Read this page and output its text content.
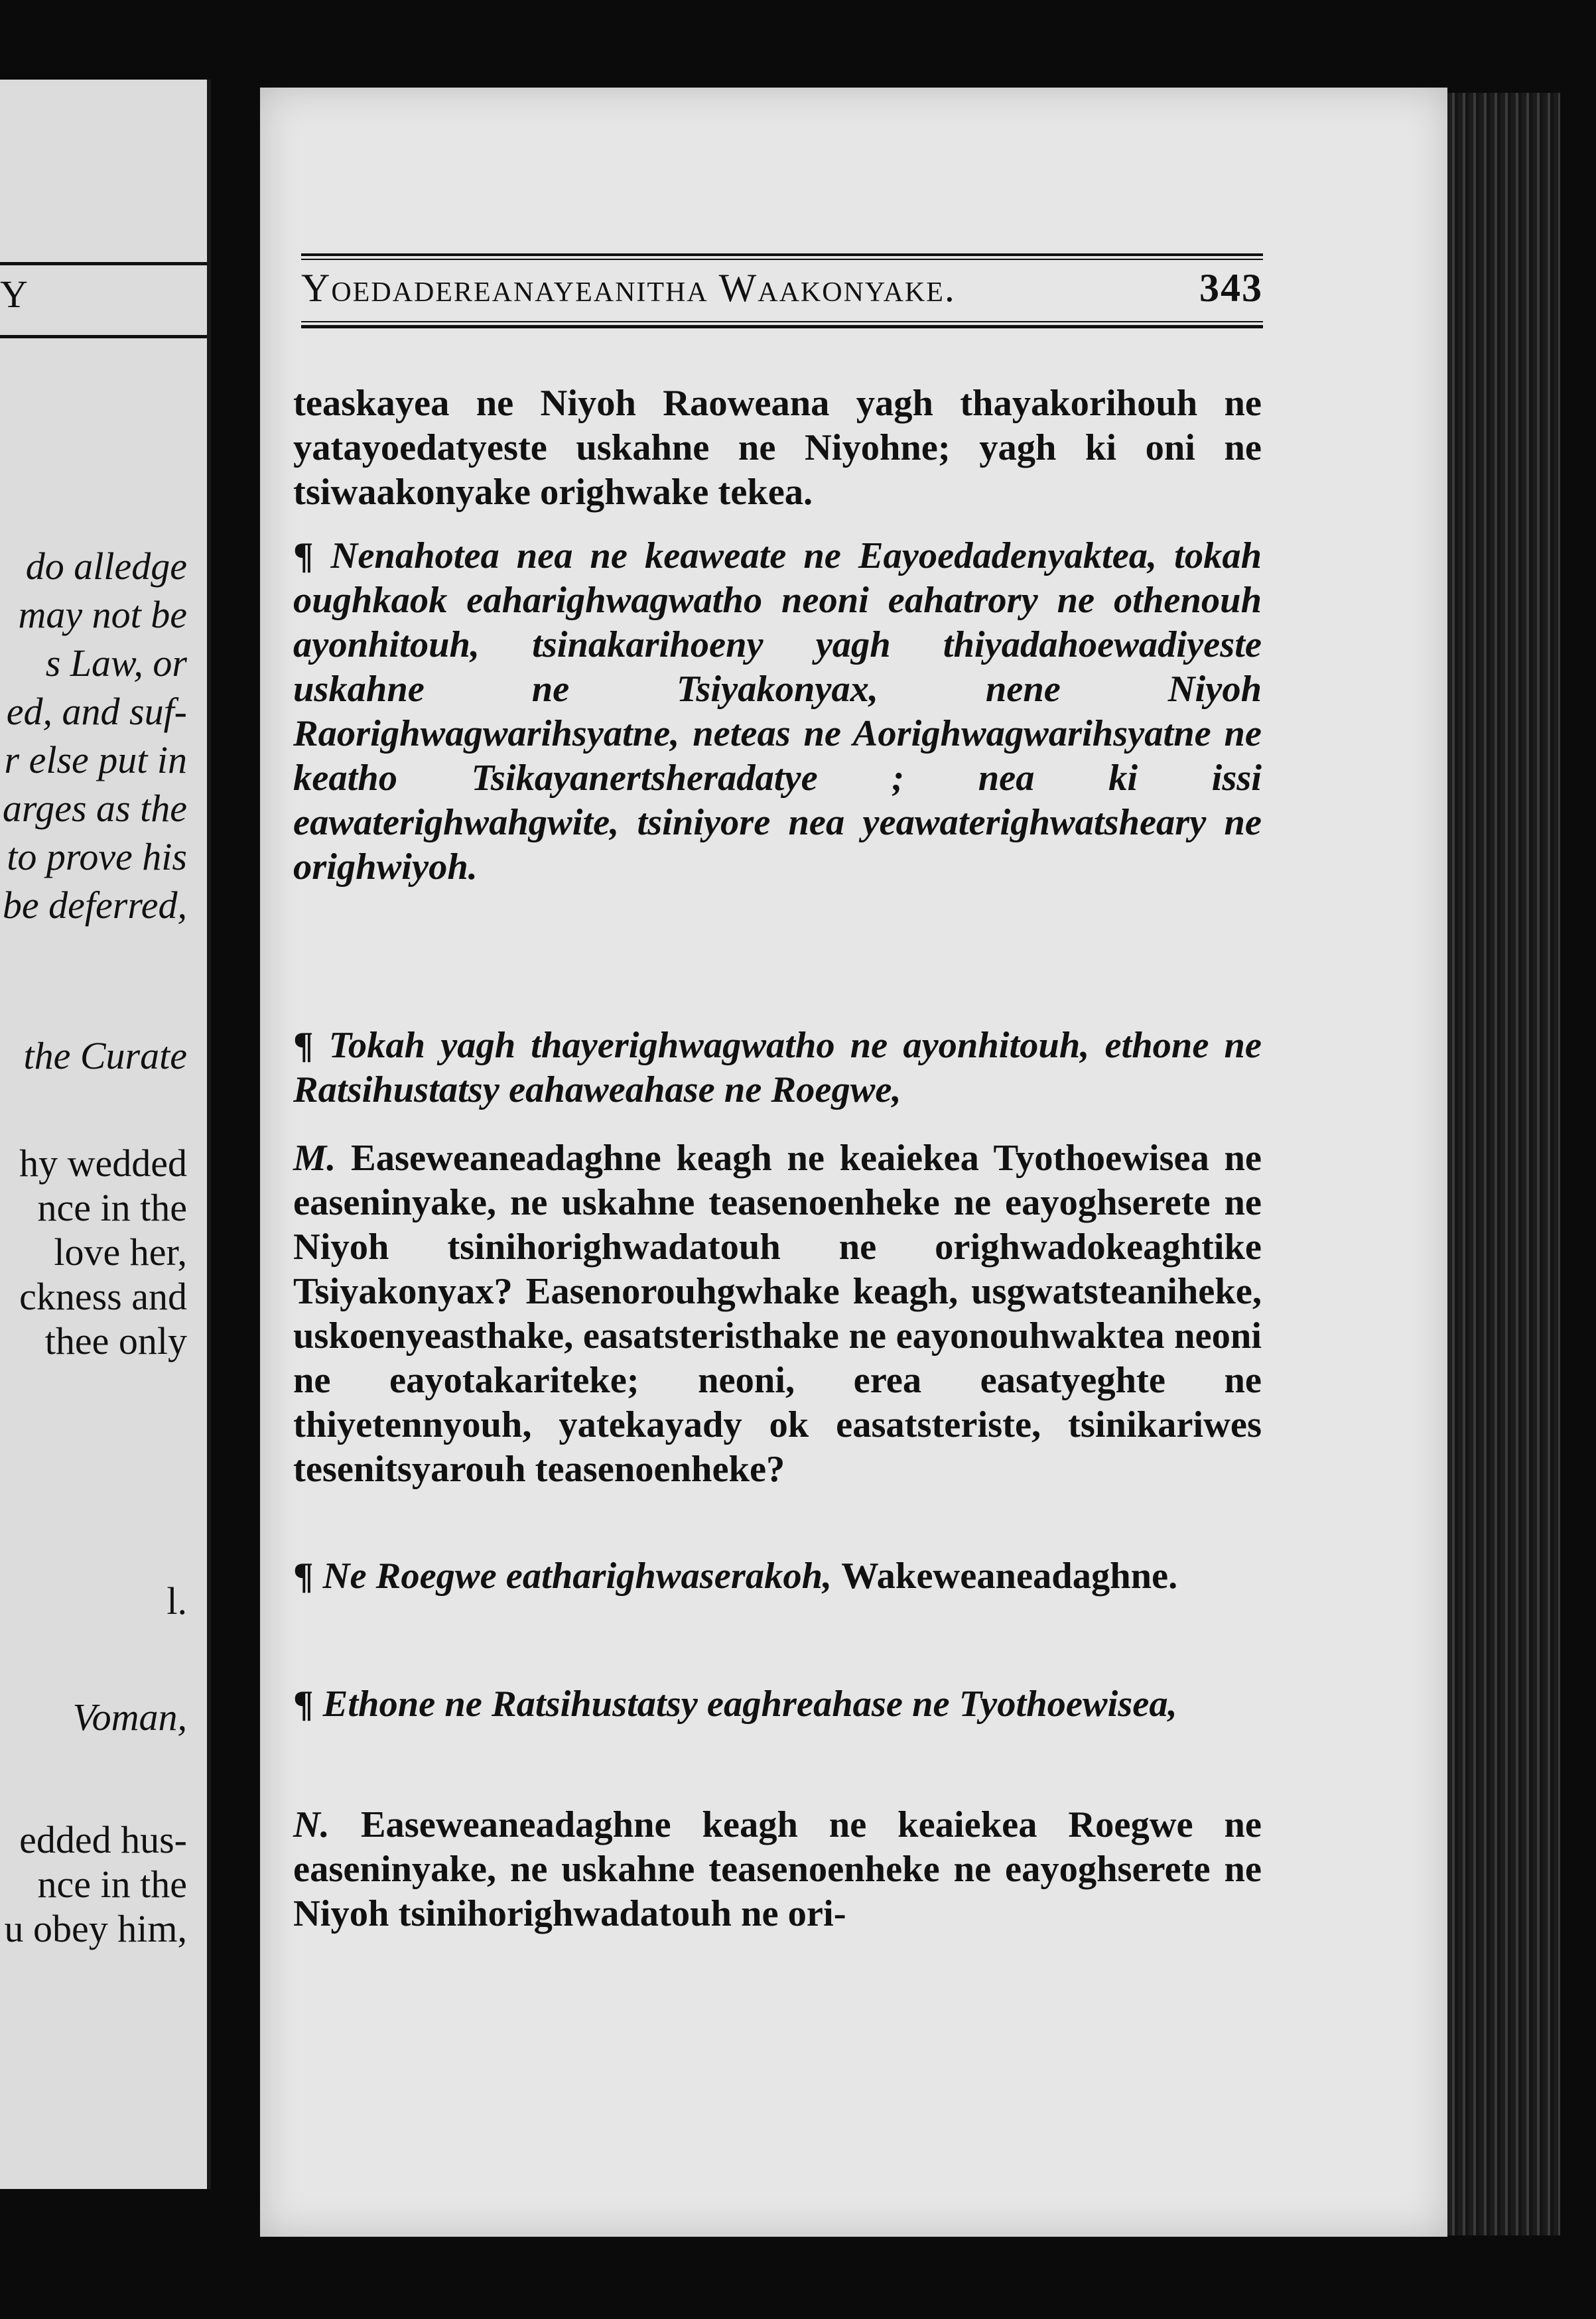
Y
do alledge
may not be
s Law, or
ed, and suf-
r else put in
arges as the
to prove his
be deferred,
the Curate
hy wedded
nce in the
love her,
ckness and
thee only
l.
Voman,
edded hus-
nce in the
u obey him,
Yoedadereanayeanitha Waakonyake.	343

teaskayea ne Niyoh Raoweana yagh thayakorihouh ne yatayoedatyeste uskahne ne Niyohne; yagh ki oni ne tsiwaakonyake orighwake tekea.

¶ Nenahotea nea ne keaweate ne Eayoedadenyaktea, tokah oughkaok eaharighwagwatho neoni eahatrory ne othenouh ayonhitouh, tsinakarihoeny yagh thiyadahoewadiyeste uskahne ne Tsiyakonyax, nene Niyoh Raorighwagwarihsyatne, neteas ne Aorighwagwarihsyatne ne keatho Tsikayanertsheradatye ; nea ki issi eawaterighwahgwite, tsiniyore nea yeawaterighwatsheary ne orighwiyoh.

¶ Tokah yagh thayerighwagwatho ne ayonhitouh, ethone ne Ratsihustatsy eahaweahase ne Roegwe,

M. Easeweaneadaghne keagh ne keaiekea Tyothoewisea ne easeninyake, ne uskahne teasenoenheke ne eayoghserete ne Niyoh tsinihorighwadatouh ne orighwadokeaghtike Tsiyakonyax? Easenorouhgwhake keagh, usgwatsteaniheke, uskoenyeasthake, easatsteristhake ne eayonouhwaktea neoni ne eayotakariteke; neoni, erea easatyeghte ne thiyetennyouh, yatekayady ok easatsteriste, tsinikariwes tesenitsyarouh teasenoenheke?

¶ Ne Roegwe eatharighwaserakoh, Wakeweaneadaghne.

¶ Ethone ne Ratsihustatsy eaghreahase ne Tyothoewisea,

N. Easeweaneadaghne keagh ne keaiekea Roegwe ne easeninyake, ne uskahne teasenoenheke ne eayoghserete ne Niyoh tsinihorighwadatouh ne ori-
